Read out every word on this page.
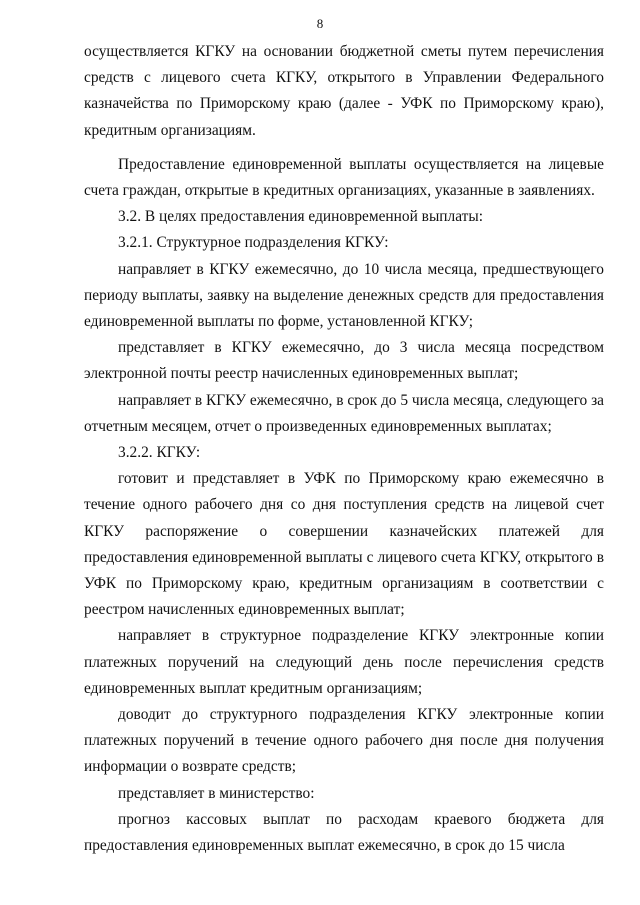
8

осуществляется КГКУ на основании бюджетной сметы путем перечисления средств с лицевого счета КГКУ, открытого в Управлении Федерального казначейства по Приморскому краю (далее - УФК по Приморскому краю), кредитным организациям.

Предоставление единовременной выплаты осуществляется на лицевые счета граждан, открытые в кредитных организациях, указанные в заявлениях.

3.2. В целях предоставления единовременной выплаты:

3.2.1. Структурное подразделения КГКУ:

направляет в КГКУ ежемесячно, до 10 числа месяца, предшествующего периоду выплаты, заявку на выделение денежных средств для предоставления единовременной выплаты по форме, установленной КГКУ;

представляет в КГКУ ежемесячно, до 3 числа месяца посредством электронной почты реестр начисленных единовременных выплат;

направляет в КГКУ ежемесячно, в срок до 5 числа месяца, следующего за отчетным месяцем, отчет о произведенных единовременных выплатах;

3.2.2. КГКУ:

готовит и представляет в УФК по Приморскому краю ежемесячно в течение одного рабочего дня со дня поступления средств на лицевой счет КГКУ распоряжение о совершении казначейских платежей для предоставления единовременной выплаты с лицевого счета КГКУ, открытого в УФК по Приморскому краю, кредитным организациям в соответствии с реестром начисленных единовременных выплат;

направляет в структурное подразделение КГКУ электронные копии платежных поручений на следующий день после перечисления средств единовременных выплат кредитным организациям;

доводит до структурного подразделения КГКУ электронные копии платежных поручений в течение одного рабочего дня после дня получения информации о возврате средств;

представляет в министерство:

прогноз кассовых выплат по расходам краевого бюджета для предоставления единовременных выплат ежемесячно, в срок до 15 числа
